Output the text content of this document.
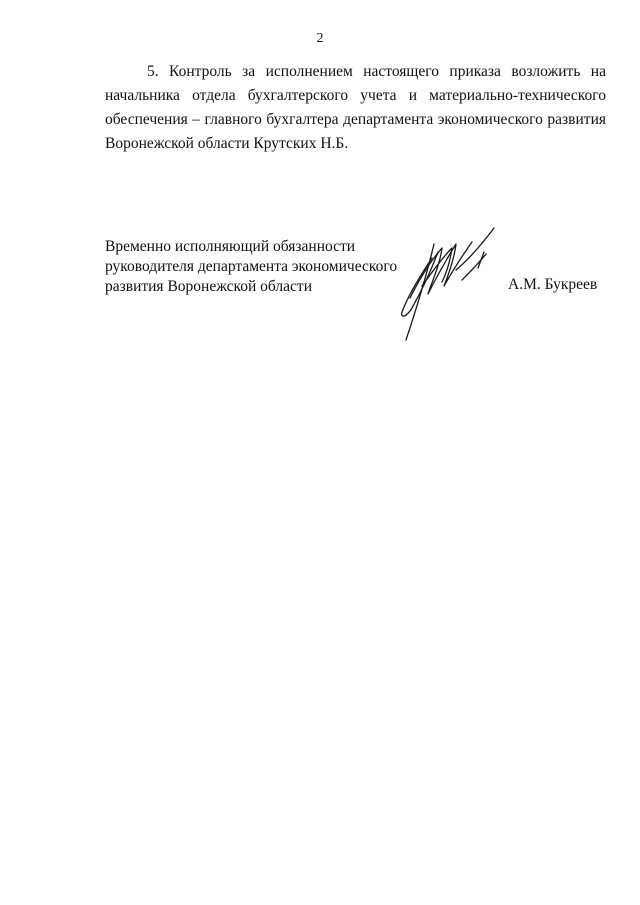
2

5. Контроль за исполнением настоящего приказа возложить на начальника отдела бухгалтерского учета и материально-технического обеспечения – главного бухгалтера департамента экономического развития Воронежской области Крутских Н.Б.

Временно исполняющий обязанности
руководителя департамента экономического
развития Воронежской области	А.М. Букреев
